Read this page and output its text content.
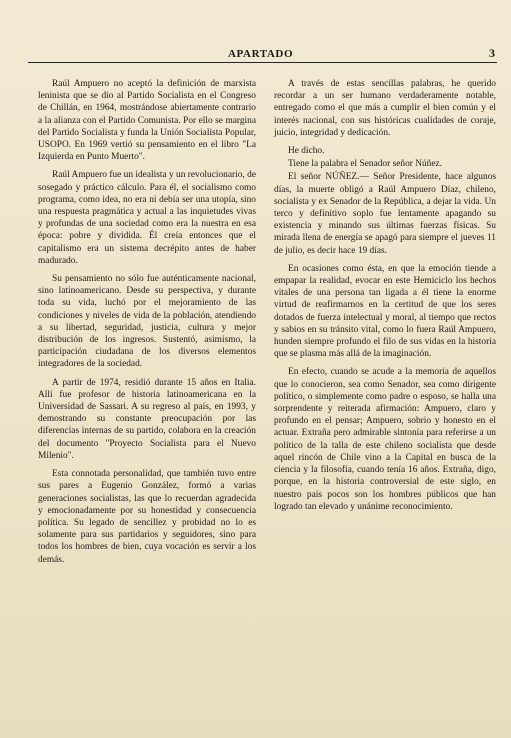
APARTADO	3

Raúl Ampuero no aceptó la definición de marxista leninista que se dio al Partido Socialista en el Congreso de Chillán, en 1964, mostrándose abiertamente contrario a la alianza con el Partido Comunista. Por ello se margina del Partido Socialista y funda la Unión Socialista Popular, USOPO. En 1969 vertió su pensamiento en el libro "La Izquierda en Punto Muerto".

Raúl Ampuero fue un idealista y un revolucionario, de sosegado y práctico cálculo. Para él, el socialismo como programa, como idea, no era ni debía ser una utopía, sino una respuesta pragmática y actual a las inquietudes vivas y profundas de una sociedad como era la nuestra en esa época: pobre y dividida. Él creía entonces que el capitalismo era un sistema decrépito antes de haber madurado.

Su pensamiento no sólo fue auténticamente nacional, sino latinoamericano. Desde su perspectiva, y durante toda su vida, luchó por el mejoramiento de las condiciones y niveles de vida de la población, atendiendo a su libertad, seguridad, justicia, cultura y mejor distribución de los ingresos. Sustentó, asimismo, la participación ciudadana de los diversos elementos integradores de la sociedad.

A partir de 1974, residió durante 15 años en Italia. Allí fue profesor de historia latinoamericana en la Universidad de Sassari. A su regreso al país, en 1993, y demostrando su constante preocupación por las diferencias internas de su partido, colabora en la creación del documento "Proyecto Socialista para el Nuevo Milenio".

Esta connotada personalidad, que también tuvo entre sus pares a Eugenio González, formó a varias generaciones socialistas, las que lo recuerdan agradecida y emocionadamente por su honestidad y consecuencia política. Su legado de sencillez y probidad no lo es solamente para sus partidarios y seguidores, sino para todos los hombres de bien, cuya vocación es servir a los demás.

A través de estas sencillas palabras, he querido recordar a un ser humano verdaderamente notable, entregado como el que más a cumplir el bien común y el interés nacional, con sus históricas cualidades de coraje, juicio, integridad y dedicación.

He dicho.

Tiene la palabra el Senador señor Núñez.

El señor NÚÑEZ.— Señor Presidente, hace algunos días, la muerte obligó a Raúl Ampuero Díaz, chileno, socialista y ex Senador de la República, a dejar la vida. Un terco y definitivo soplo fue lentamente apagando su existencia y minando sus últimas fuerzas físicas. Su mirada llena de energía se apagó para siempre el jueves 11 de julio, es decir hace 19 días.

En ocasiones como ésta, en que la emoción tiende a empapar la realidad, evocar en este Hemiciclo los hechos vitales de una persona tan ligada a él tiene la enorme virtud de reafirmarnos en la certitud de que los seres dotados de fuerza intelectual y moral, al tiempo que rectos y sabios en su tránsito vital, como lo fuera Raúl Ampuero, hunden siempre profundo el filo de sus vidas en la historia que se plasma más allá de la imaginación.

En efecto, cuando se acude a la memoria de aquellos que lo conocieron, sea como Senador, sea como dirigente político, o simplemente como padre o esposo, se halla una sorprendente y reiterada afirmación: Ampuero, claro y profundo en el pensar; Ampuero, sobrio y honesto en el actuar. Extraña pero admirable sintonía para referirse a un político de la talla de este chileno socialista que desde aquel rincón de Chile vino a la Capital en busca de la ciencia y la filosofía, cuando tenía 16 años. Extraña, digo, porque, en la historia controversial de este siglo, en nuestro país pocos son los hombres públicos que han logrado tan elevado y unánime reconocimiento.
